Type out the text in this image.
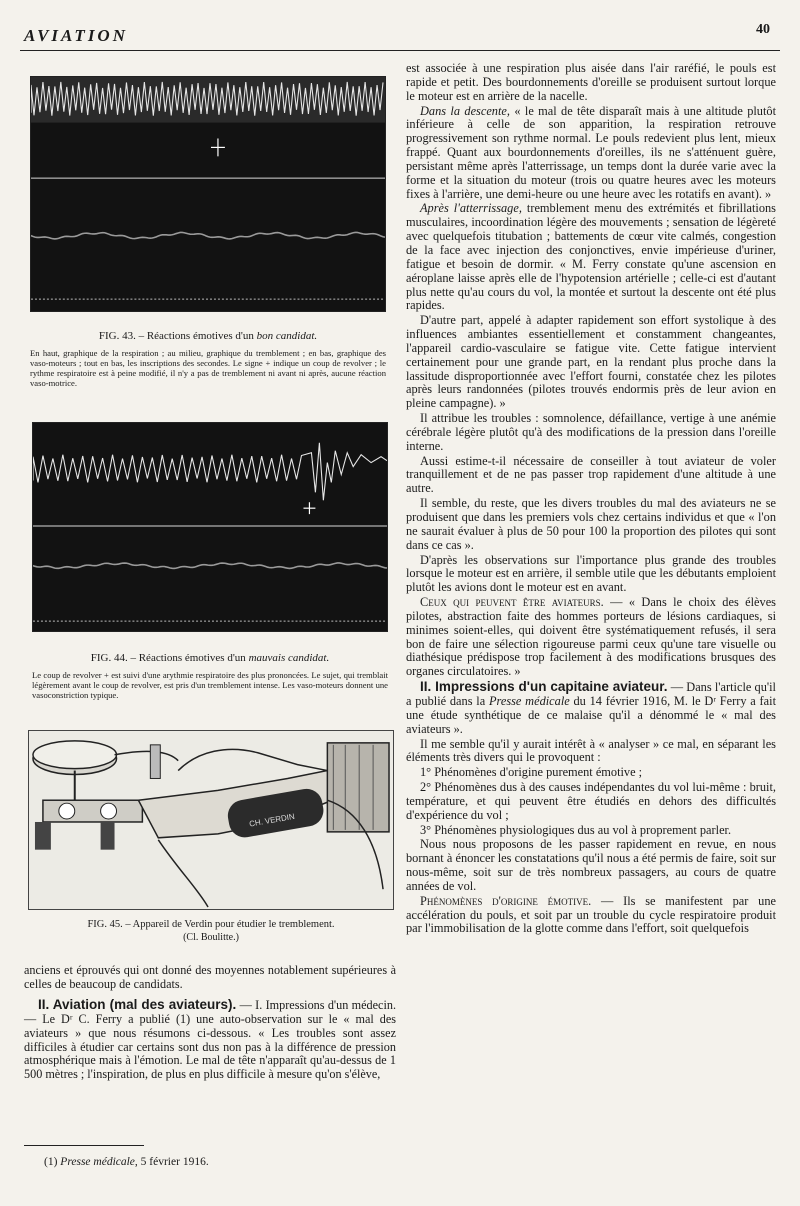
AVIATION	40
FIG. 43. – Réactions émotives d'un bon candidat.
En haut, graphique de la respiration ; au milieu, graphique du tremblement ; en bas, graphique des vaso-moteurs ; tout en bas, les inscriptions des secondes. Le signe + indique un coup de revolver ; le rythme respiratoire est à peine modifié, il n'y a pas de tremblement ni avant ni après, aucune réaction vaso-motrice.
FIG. 44. – Réactions émotives d'un mauvais candidat.
Le coup de revolver + est suivi d'une arythmie respiratoire des plus prononcées. Le sujet, qui tremblait légèrement avant le coup de revolver, est pris d'un tremblement intense. Les vaso-moteurs donnent une vasoconstriction typique.
CH. VERDIN
FIG. 45. – Appareil de Verdin pour étudier le tremblement.
(Cl. Boulitte.)

anciens et éprouvés qui ont donné des moyennes notablement supérieures à celles de beaucoup de candidats.

II. Aviation (mal des aviateurs). — I. Impressions d'un médecin. — Le Dʳ C. Ferry a publié (1) une auto-observation sur le « mal des aviateurs » que nous résumons ci-dessous. « Les troubles sont assez difficiles à étudier car certains sont dus non pas à la différence de pression atmosphérique mais à l'émotion. Le mal de tête n'apparaît qu'au-dessus de 1 500 mètres ; l'inspiration, de plus en plus difficile à mesure qu'on s'élève,

(1) Presse médicale, 5 février 1916.

est associée à une respiration plus aisée dans l'air raréfié, le pouls est rapide et petit. Des bourdonnements d'oreille se produisent surtout lorque le moteur est en arrière de la nacelle.

Dans la descente, « le mal de tête disparaît mais à une altitude plutôt inférieure à celle de son apparition, la respiration retrouve progressivement son rythme normal. Le pouls redevient plus lent, mieux frappé. Quant aux bourdonnements d'oreilles, ils ne s'atténuent guère, persistant même après l'atterrissage, un temps dont la durée varie avec la forme et la situation du moteur (trois ou quatre heures avec les moteurs fixes à l'arrière, une demi-heure ou une heure avec les rotatifs en avant). »

Après l'atterrissage, tremblement menu des extrémités et fibrillations musculaires, incoordination légère des mouvements ; sensation de légèreté avec quelquefois titubation ; battements de cœur vite calmés, congestion de la face avec injection des conjonctives, envie impérieuse d'uriner, fatigue et besoin de dormir. « M. Ferry constate qu'une ascension en aéroplane laisse après elle de l'hypotension artérielle ; celle-ci est d'autant plus nette qu'au cours du vol, la montée et surtout la descente ont été plus rapides.

D'autre part, appelé à adapter rapidement son effort systolique à des influences ambiantes essentiellement et constamment changeantes, l'appareil cardio-vasculaire se fatigue vite. Cette fatigue intervient certainement pour une grande part, en la rendant plus proche dans la lassitude disproportionnée avec l'effort fourni, constatée chez les pilotes après leurs randonnées (pilotes trouvés endormis près de leur avion en pleine campagne). »

Il attribue les troubles : somnolence, défaillance, vertige à une anémie cérébrale légère plutôt qu'à des modifications de la pression dans l'oreille interne.

Aussi estime-t-il nécessaire de conseiller à tout aviateur de voler tranquillement et de ne pas passer trop rapidement d'une altitude à une autre.

Il semble, du reste, que les divers troubles du mal des aviateurs ne se produisent que dans les premiers vols chez certains individus et que « l'on ne saurait évaluer à plus de 50 pour 100 la proportion des pilotes qui sont dans ce cas ».

D'après les observations sur l'importance plus grande des troubles lorsque le moteur est en arrière, il semble utile que les débutants emploient plutôt les avions dont le moteur est en avant.

Ceux qui peuvent être aviateurs. — « Dans le choix des élèves pilotes, abstraction faite des hommes porteurs de lésions cardiaques, si minimes soient-elles, qui doivent être systématiquement refusés, il sera bon de faire une sélection rigoureuse parmi ceux qu'une tare visuelle ou diathésique prédispose trop facilement à des modifications brusques des organes circulatoires. »

II. Impressions d'un capitaine aviateur. — Dans l'article qu'il a publié dans la Presse médicale du 14 février 1916, M. le Dʳ Ferry a fait une étude synthétique de ce malaise qu'il a dénommé le « mal des aviateurs ».

Il me semble qu'il y aurait intérêt à « analyser » ce mal, en séparant les éléments très divers qui le provoquent :

1° Phénomènes d'origine purement émotive ;

2° Phénomènes dus à des causes indépendantes du vol lui-même : bruit, température, et qui peuvent être étudiés en dehors des difficultés d'expérience du vol ;

3° Phénomènes physiologiques dus au vol à proprement parler.

Nous nous proposons de les passer rapidement en revue, en nous bornant à énoncer les constatations qu'il nous a été permis de faire, soit sur nous-même, soit sur de très nombreux passagers, au cours de quatre années de vol.

Phénomènes d'origine émotive. — Ils se manifestent par une accélération du pouls, et soit par un trouble du cycle respiratoire produit par l'immobilisation de la glotte comme dans l'effort, soit quelquefois
